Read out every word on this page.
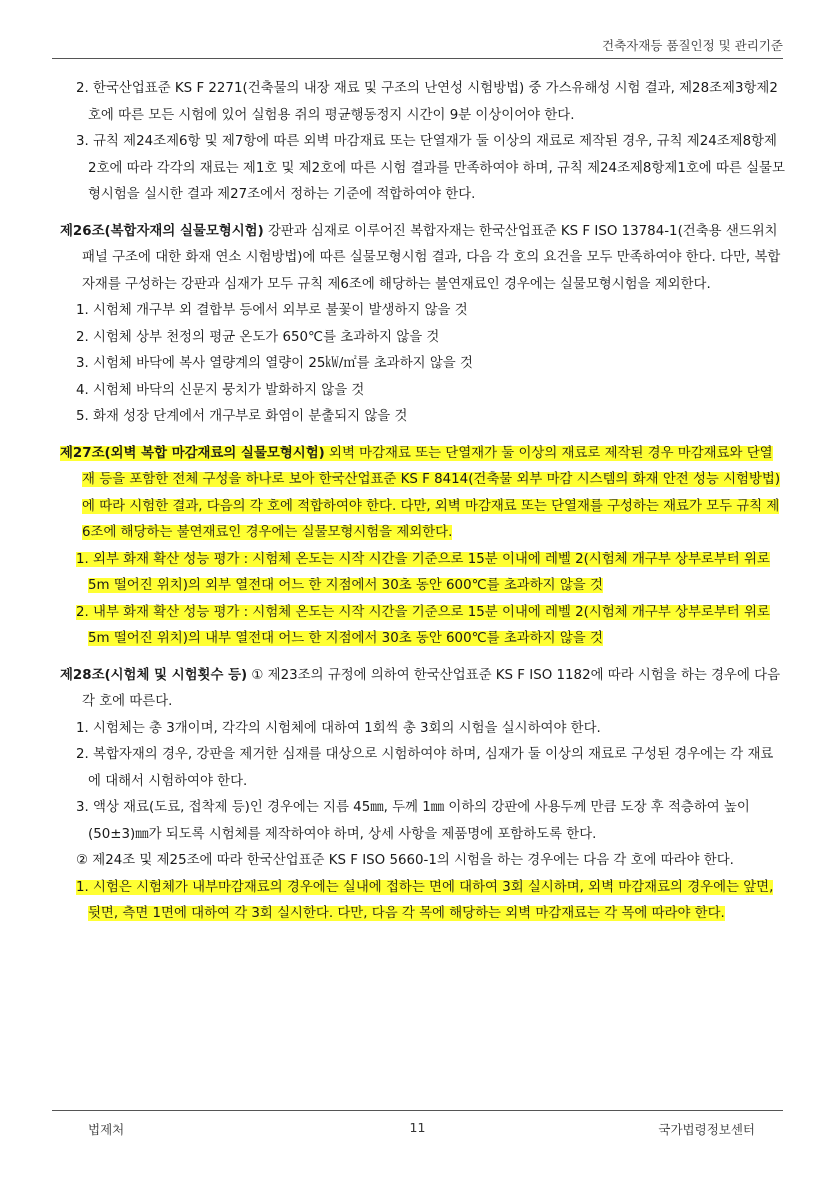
건축자재등 품질인정 및 관리기준

2. 한국산업표준 KS F 2271(건축물의 내장 재료 및 구조의 난연성 시험방법) 중 가스유해성 시험 결과, 제28조제3항제2호에 따른 모든 시험에 있어 실험용 쥐의 평균행동정지 시간이 9분 이상이어야 한다.

3. 규칙 제24조제6항 및 제7항에 따른 외벽 마감재료 또는 단열재가 둘 이상의 재료로 제작된 경우, 규칙 제24조제8항제2호에 따라 각각의 재료는 제1호 및 제2호에 따른 시험 결과를 만족하여야 하며, 규칙 제24조제8항제1호에 따른 실물모형시험을 실시한 결과 제27조에서 정하는 기준에 적합하여야 한다.

제26조(복합자재의 실물모형시험) 강판과 심재로 이루어진 복합자재는 한국산업표준 KS F ISO 13784-1(건축용 샌드위치패널 구조에 대한 화재 연소 시험방법)에 따른 실물모형시험 결과, 다음 각 호의 요건을 모두 만족하여야 한다. 다만, 복합자재를 구성하는 강판과 심재가 모두 규칙 제6조에 해당하는 불연재료인 경우에는 실물모형시험을 제외한다.

1. 시험체 개구부 외 결합부 등에서 외부로 불꽃이 발생하지 않을 것

2. 시험체 상부 천정의 평균 온도가 650℃를 초과하지 않을 것

3. 시험체 바닥에 복사 열량계의 열량이 25㎾/㎡를 초과하지 않을 것

4. 시험체 바닥의 신문지 뭉치가 발화하지 않을 것

5. 화재 성장 단계에서 개구부로 화염이 분출되지 않을 것

제27조(외벽 복합 마감재료의 실물모형시험) 외벽 마감재료 또는 단열재가 둘 이상의 재료로 제작된 경우 마감재료와 단열재 등을 포함한 전체 구성을 하나로 보아 한국산업표준 KS F 8414(건축물 외부 마감 시스템의 화재 안전 성능 시험방법)에 따라 시험한 결과, 다음의 각 호에 적합하여야 한다. 다만, 외벽 마감재료 또는 단열재를 구성하는 재료가 모두 규칙 제6조에 해당하는 불연재료인 경우에는 실물모형시험을 제외한다.

1. 외부 화재 확산 성능 평가 : 시험체 온도는 시작 시간을 기준으로 15분 이내에 레벨 2(시험체 개구부 상부로부터 위로 5m 떨어진 위치)의 외부 열전대 어느 한 지점에서 30초 동안 600℃를 초과하지 않을 것

2. 내부 화재 확산 성능 평가 : 시험체 온도는 시작 시간을 기준으로 15분 이내에 레벨 2(시험체 개구부 상부로부터 위로 5m 떨어진 위치)의 내부 열전대 어느 한 지점에서 30초 동안 600℃를 초과하지 않을 것

제28조(시험체 및 시험횟수 등) ① 제23조의 규정에 의하여 한국산업표준 KS F ISO 1182에 따라 시험을 하는 경우에 다음 각 호에 따른다.

1. 시험체는 총 3개이며, 각각의 시험체에 대하여 1회씩 총 3회의 시험을 실시하여야 한다.

2. 복합자재의 경우, 강판을 제거한 심재를 대상으로 시험하여야 하며, 심재가 둘 이상의 재료로 구성된 경우에는 각 재료에 대해서 시험하여야 한다.

3. 액상 재료(도료, 접착제 등)인 경우에는 지름 45㎜, 두께 1㎜ 이하의 강판에 사용두께 만큼 도장 후 적층하여 높이 (50±3)㎜가 되도록 시험체를 제작하여야 하며, 상세 사항을 제품명에 포함하도록 한다.

② 제24조 및 제25조에 따라 한국산업표준 KS F ISO 5660-1의 시험을 하는 경우에는 다음 각 호에 따라야 한다.

1. 시험은 시험체가 내부마감재료의 경우에는 실내에 접하는 면에 대하여 3회 실시하며, 외벽 마감재료의 경우에는 앞면, 뒷면, 측면 1면에 대하여 각 3회 실시한다. 다만, 다음 각 목에 해당하는 외벽 마감재료는 각 목에 따라야 한다.

법제처	11	국가법령정보센터
